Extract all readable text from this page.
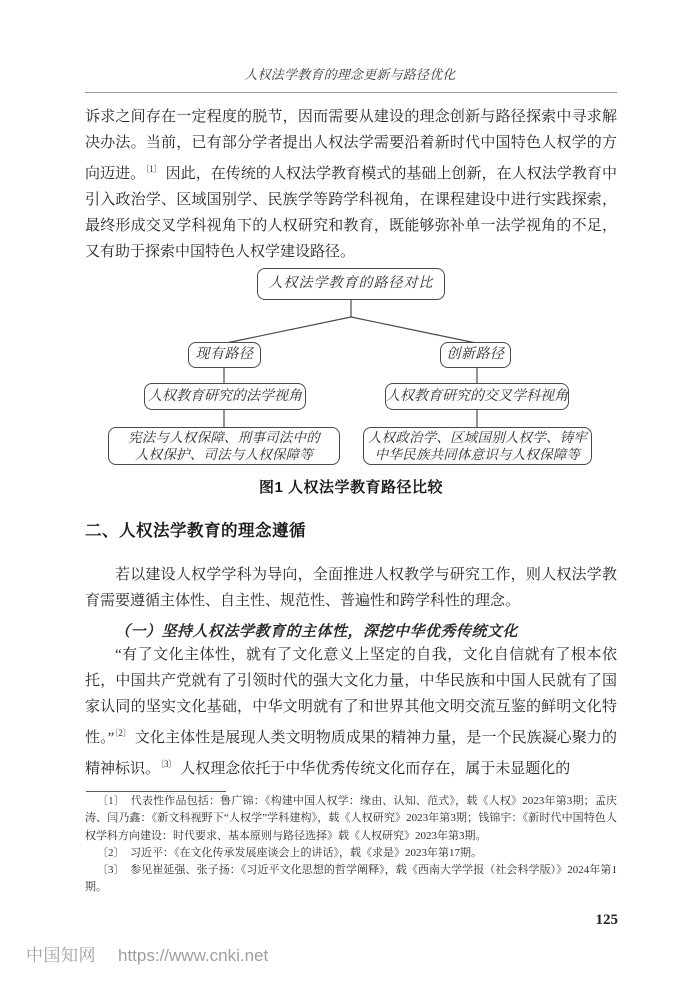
人权法学教育的理念更新与路径优化

诉求之间存在一定程度的脱节，因而需要从建设的理念创新与路径探索中寻求解决办法。当前，已有部分学者提出人权法学需要沿着新时代中国特色人权学的方向迈进。$^{〔1〕}$ 因此，在传统的人权法学教育模式的基础上创新，在人权法学教育中引入政治学、区域国别学、民族学等跨学科视角，在课程建设中进行实践探索，最终形成交叉学科视角下的人权研究和教育，既能够弥补单一法学视角的不足，又有助于探索中国特色人权学建设路径。

人权法学教育的路径对比
现有路径	创新路径
人权教育研究的法学视角	人权教育研究的交叉学科视角
宪法与人权保障、刑事司法中的
人权保护、司法与人权保障等
人权政治学、区域国别人权学、铸牢
中华民族共同体意识与人权保障等
图1 人权法学教育路径比较
二、人权法学教育的理念遵循

若以建设人权学学科为导向，全面推进人权教学与研究工作，则人权法学教育需要遵循主体性、自主性、规范性、普遍性和跨学科性的理念。

（一）坚持人权法学教育的主体性，深挖中华优秀传统文化

“有了文化主体性，就有了文化意义上坚定的自我，文化自信就有了根本依托，中国共产党就有了引领时代的强大文化力量，中华民族和中国人民就有了国家认同的坚实文化基础，中华文明就有了和世界其他文明交流互鉴的鲜明文化特性。”$^{〔2〕}$ 文化主体性是展现人类文明物质成果的精神力量，是一个民族凝心聚力的精神标识。$^{〔3〕}$ 人权理念依托于中华优秀传统文化而存在，属于未显题化的

〔1〕　代表性作品包括：鲁广锦：《构建中国人权学：缘由、认知、范式》，载《人权》2023年第3期；孟庆涛、闫乃鑫：《新文科视野下“人权学”学科建构》，载《人权研究》2023年第3期；钱锦宇：《新时代中国特色人权学科方向建设：时代要求、基本原则与路径选择》载《人权研究》2023年第3期。

〔2〕　习近平：《在文化传承发展座谈会上的讲话》，载《求是》2023年第17期。

〔3〕　参见崔延强、张子扬：《习近平文化思想的哲学阐释》，载《西南大学学报（社会科学版）》2024年第1期。

125
中国知网 https://www.cnki.net
